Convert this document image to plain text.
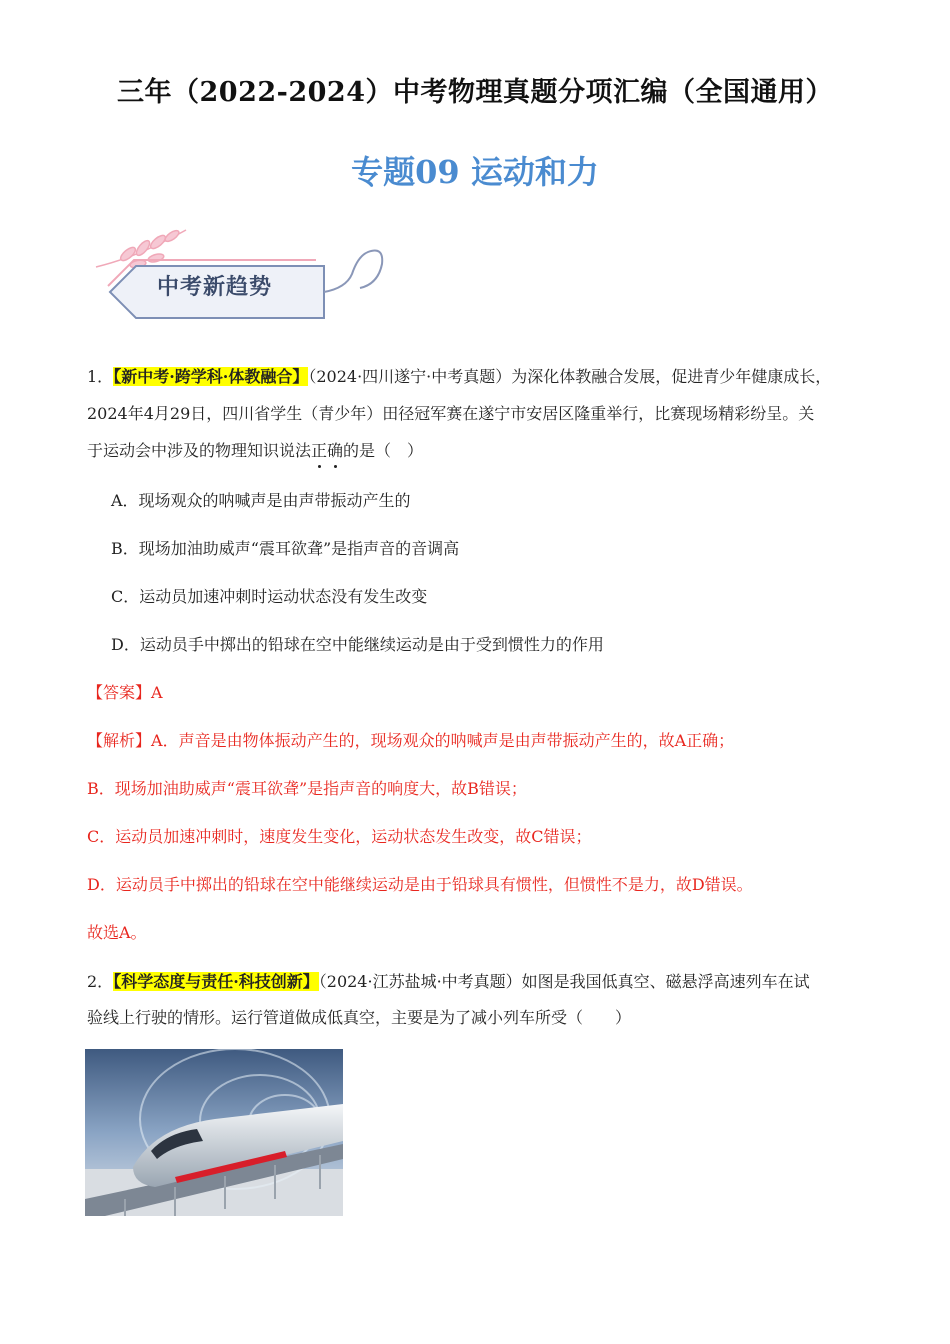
三年（2022-2024）中考物理真题分项汇编（全国通用）
专题09 运动和力
中考新趋势
1．【新中考·跨学科·体教融合】（2024·四川遂宁·中考真题）为深化体教融合发展，促进青少年健康成长，
2024年4月29日，四川省学生（青少年）田径冠军赛在遂宁市安居区隆重举行，比赛现场精彩纷呈。关
于运动会中涉及的物理知识说法正确的是（　）
A．现场观众的呐喊声是由声带振动产生的
B．现场加油助威声“震耳欲聋”是指声音的音调高
C．运动员加速冲刺时运动状态没有发生改变
D．运动员手中掷出的铅球在空中能继续运动是由于受到惯性力的作用
【答案】A
【解析】A．声音是由物体振动产生的，现场观众的呐喊声是由声带振动产生的，故A正确；
B．现场加油助威声“震耳欲聋”是指声音的响度大，故B错误；
C．运动员加速冲刺时，速度发生变化，运动状态发生改变，故C错误；
D．运动员手中掷出的铅球在空中能继续运动是由于铅球具有惯性，但惯性不是力，故D错误。
故选A。
2．【科学态度与责任·科技创新】（2024·江苏盐城·中考真题）如图是我国低真空、磁悬浮高速列车在试
验线上行驶的情形。运行管道做成低真空，主要是为了减小列车所受（　　）
